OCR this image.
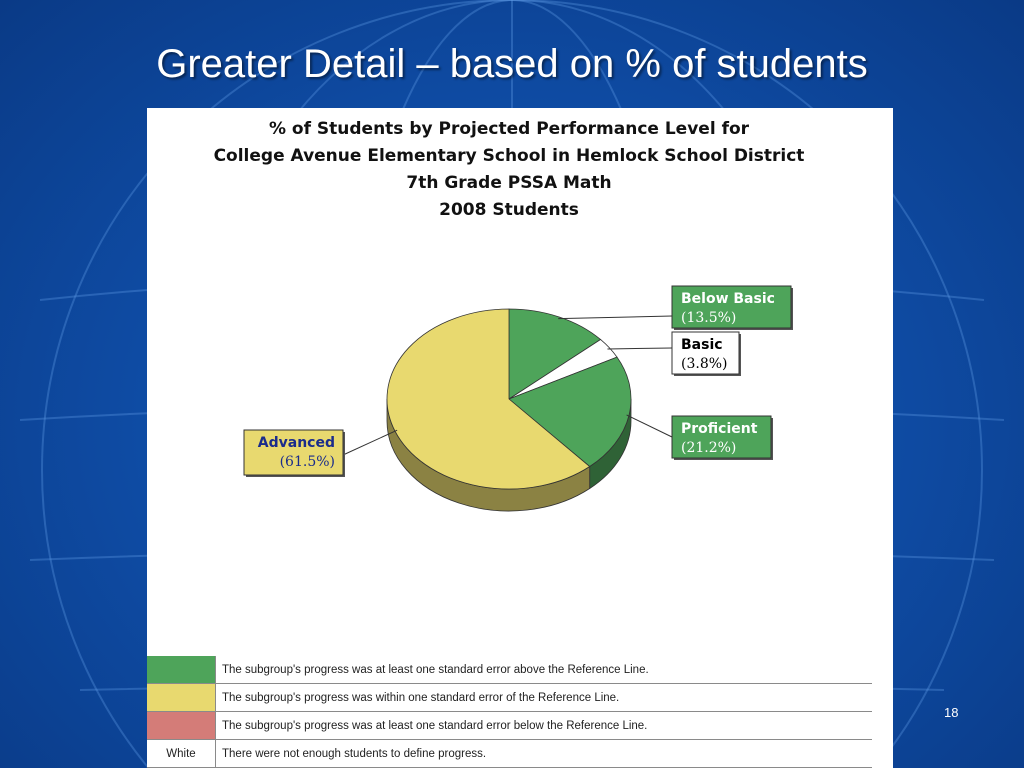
Greater Detail – based on % of students
% of Students by Projected Performance Level for
College Avenue Elementary School in Hemlock School District
7th Grade PSSA Math
2008 Students
Below Basic
(13.5%)
Basic
(3.8%)
Proficient
(21.2%)
Advanced
(61.5%)
	The subgroup's progress was at least one standard error above the Reference Line.
	The subgroup's progress was within one standard error of the Reference Line.
	The subgroup's progress was at least one standard error below the Reference Line.
White	There were not enough students to define progress.
18
